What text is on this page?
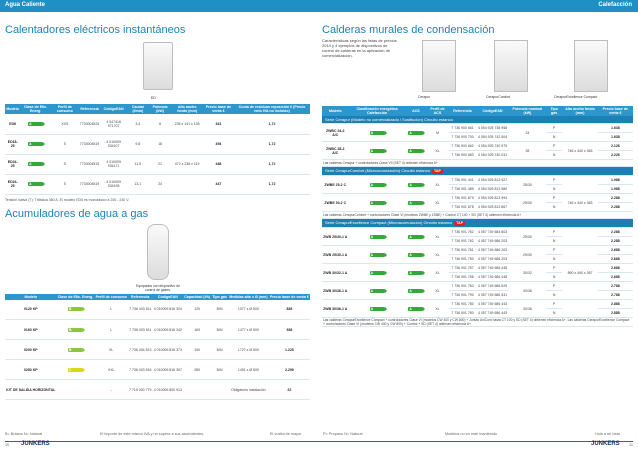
Agua Caliente	Calefacción
Calentadores eléctricos instantáneos
ED
Modelo	Clase de Efic. Energ.	Perfil de consumo	Referencia	CódigoEAN	Caudal (l/min)	Potencia (kW)	Alto ancho fondo (mm)	Precio base de venta €	Cuota de residuos reposición € (Precio neto IVA no incluido)
ED6	A	XXS	7733004524	4 047416 971707	3,4	6	235 x 141 x 135	341	1,72
ED18-25	A	S	7733004519	4 010009 934107	9,8	18		494	1,72
ED24-25	A	S	7733004519	4 010009 934171	11,5	21	472 x 236 x 119	448	1,72
ED24-25	A	S	7733004519	4 010009 934195	13,1	24		447	1,72
Tensión nativa (T): Trifásica 380 A. El modelo ED6 es monofásico a 230 - 240 V.
Acumuladores de agua a gas
Equipados con dispositivo de control de gases.
Modelo	Clase de Efic. Energ.	Perfil de consumo	Referencia	CódigoEAN	Capacidad (l/h)	Tipo gas	Medidas alto x Ø (mm)	Precio base de venta €
0120 KP	B	L	7 736 403 511	4 010009 816 304	120	B/N	1077 x Ø 500	838
0160 KP	B	L	7 736 403 511	4 010009 816 342	160	B/N	1477 x Ø 500	938
0200 KP	B	XL	7 736 404 513	4 010009 816 373	190	B/N	1727 x Ø 500	1.225
0280 KP	C	XXL	7 736 403 516	4 010009 816 397	280	B/N	1491 x Ø 590	2.299
KIT DE SALIDA HORIZONTAL		-	7 719 000 779	4 010009 800 913			Obligatorio instalación	22
Calderas murales de condensación
Características según las listas de precios 2014 y 4 ejemplos de dispositivos de control de calderas en la aplicación de comercialización.
Cerapur	CerapurComfort	CerapurExcellence Compact
Modelo	Clasificación energética Calefacción	ACS	Perfil de ACS	Referencia	CódigoEAN	Potencia nominal (kW)	Tipo gas	Alto ancho fondo (mm)	Precio base de venta €
Serie Cerapur (Modelo no comercializado / Sustitución) Circuito estanco									
ZWBC 24-2 A/C	A	A	M	7 736 900 661	4 054 925 738 958	24	P		1.638
				7 736 900 700	4 054 925 742 504		N		1.638
ZWBC 28-2 A/C	A	A	XL	7 736 900 662	4 054 925 740 979	28	P	746 x 440 x 363	2.126
				7 736 900 683	4 054 925 740 031		N		2.226
Las calderas Cerapur + controladores Clase VII (SET 4) obtienen eficiencia A+									
Serie CerapurComfort (Microacumulación) Circuito estanco TAP									
ZWBE 25-2 C	A	A	XL	7 736 901 441	4 054 925 813 927	25/30	P		1.988
				7 736 901 489	4 054 925 813 980		N		1.988
ZWBE 30-2 C	A	A	XL	7 736 901 679	4 054 925 813 994	25/30	P	746 x 440 x 363	2.288
				7 736 901 678	4 054 925 813 867		N		2.288
Las calderas CerapurComfort + controladores Clase VI (modelos ZWBE y ZSBE) + Control CT 100 + SD (SET 4) obtienen eficiencia A+									
Serie CerapurExcellence Compact (Microacumulación) Circuito estanco TAP									
ZWB 25/30-1 A	A	A	XL	7 736 901 762	4 057 749 684 803	25/30	P		2.288
				7 736 901 762	4 057 749 686 203		N		2.288
ZWB 25/30-1 A	A	A	XL	7 736 901 761	4 057 749 686 203	25/30	P		2.688
				7 736 901 750	4 057 749 686 203		N		2.688
ZWB 30/32-1 A	A	A	XL	7 736 901 757	4 057 749 686 448	30/32	P	890 x 490 x 367	2.688
				7 736 901 756	4 057 749 686 448		N		2.688
ZWB 30/36-1 A	A	A	XL	7 736 901 783	4 057 749 686 529	30/36	P		2.788
				7 736 901 790	4 057 749 686 531		N		2.788
ZWB 30/36-1 A	A	A	XL	7 736 901 780	4 057 749 686 443	30/36	P		2.888
				7 736 901 780	4 057 749 686 443		N		2.888
Las calderas CerapurExcellence Compact + controladores Clase VI (modelos CW 400 y CW 800) + Juntas UniCom hasta CT 100 y SD (SET 4) obtienen eficiencia A+. Las calderas CerapurExcellence Compact + controladores Clase VI (modelos CW 400 y CW 800) + Control + SD (SET 4) obtienen eficiencia A+									
B= Butano N= Natural	El importe de este mismo IVA y no supera a sus ascendentes.	El vuelta de mayor	P= Propano N= Natural	Modelos no en este mantenido	Hola a mi vista
10	11
JUNKERS	JUNKERS
